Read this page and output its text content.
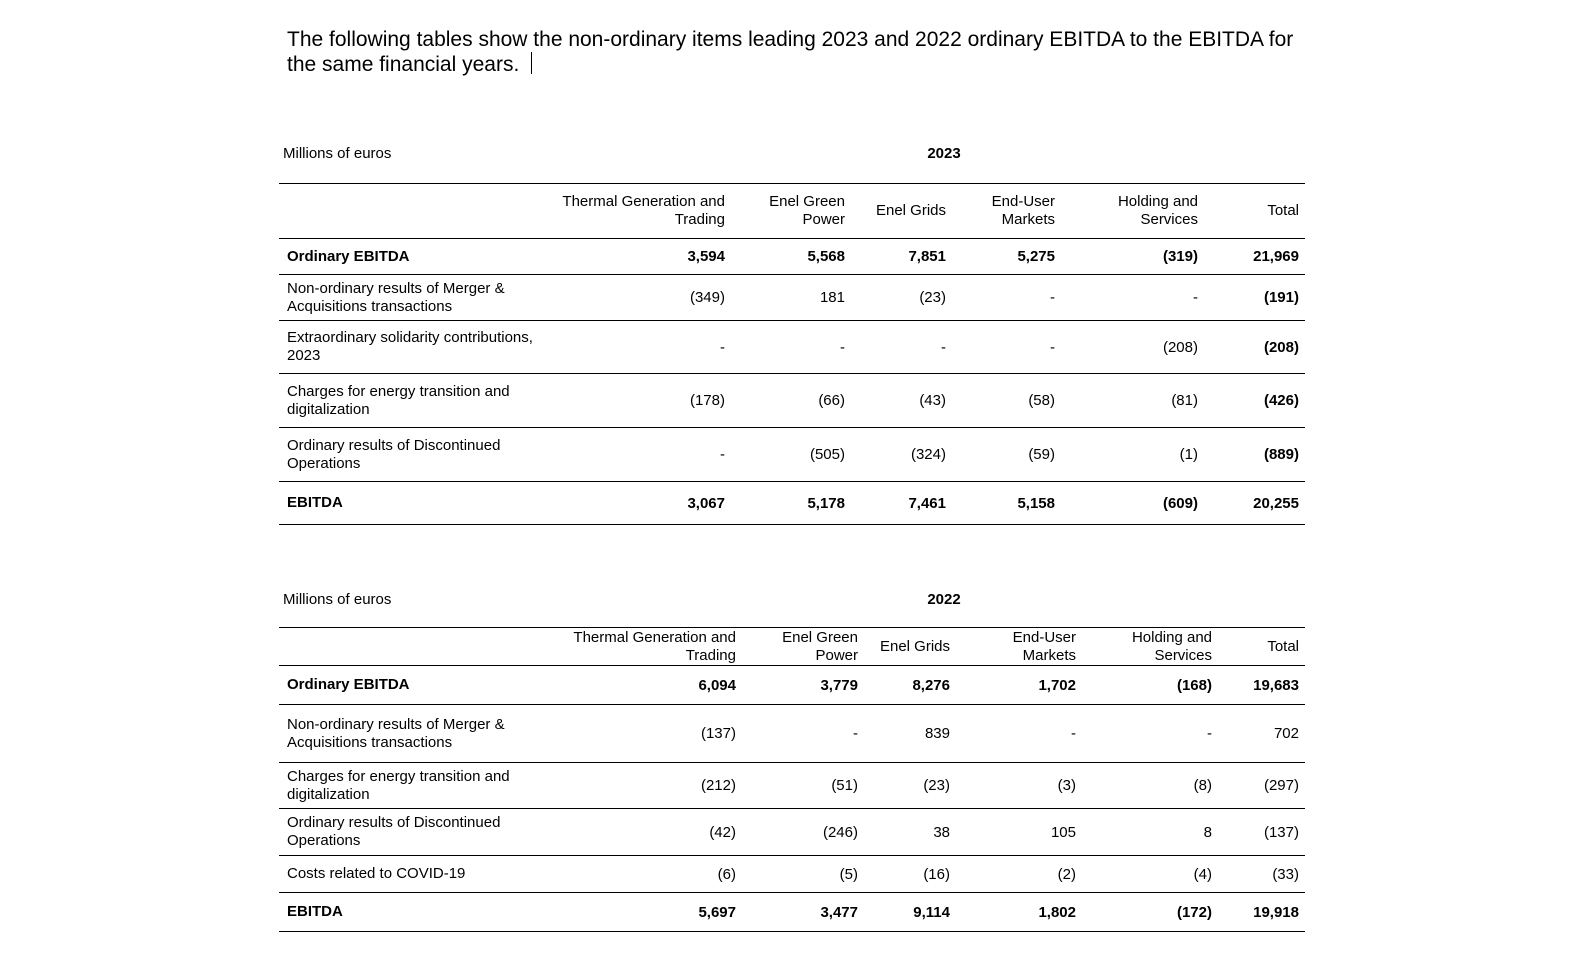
The following tables show the non-ordinary items leading 2023 and 2022 ordinary EBITDA to the EBITDA for the same financial years.

Millions of euros	2023
	Thermal Generation and Trading	Enel Green Power	Enel Grids	End-User Markets	Holding and Services	Total
Ordinary EBITDA	3,594	5,568	7,851	5,275	(319)	21,969
Non-ordinary results of Merger & Acquisitions transactions	(349)	181	(23)	-	-	(191)
Extraordinary solidarity contributions, 2023	-	-	-	-	(208)	(208)
Charges for energy transition and digitalization	(178)	(66)	(43)	(58)	(81)	(426)
Ordinary results of Discontinued Operations	-	(505)	(324)	(59)	(1)	(889)
EBITDA	3,067	5,178	7,461	5,158	(609)	20,255
Millions of euros	2022
	Thermal Generation and Trading	Enel Green Power	Enel Grids	End-User Markets	Holding and Services	Total
Ordinary EBITDA	6,094	3,779	8,276	1,702	(168)	19,683
Non-ordinary results of Merger & Acquisitions transactions	(137)	-	839	-	-	702
Charges for energy transition and digitalization	(212)	(51)	(23)	(3)	(8)	(297)
Ordinary results of Discontinued Operations	(42)	(246)	38	105	8	(137)
Costs related to COVID-19	(6)	(5)	(16)	(2)	(4)	(33)
EBITDA	5,697	3,477	9,114	1,802	(172)	19,918
